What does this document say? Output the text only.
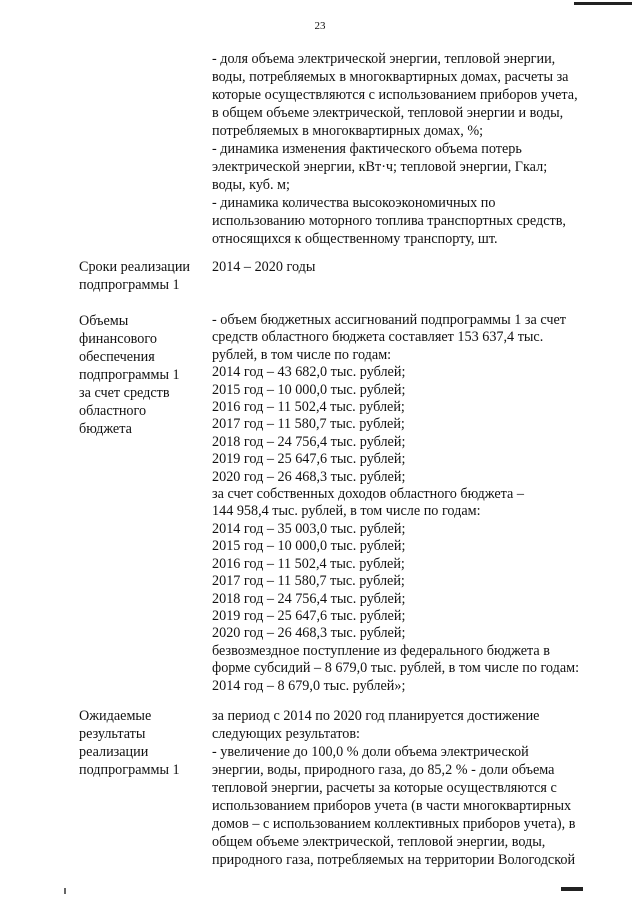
23
- доля объема электрической энергии, тепловой энергии,
воды, потребляемых в многоквартирных домах, расчеты за
которые осуществляются с использованием приборов учета,
в общем объеме электрической, тепловой энергии и воды,
потребляемых в многоквартирных домах, %;
- динамика изменения фактического объема потерь
электрической энергии, кВт·ч; тепловой энергии, Гкал;
воды, куб. м;
- динамика количества высокоэкономичных по
использованию моторного топлива транспортных средств,
относящихся к общественному транспорту, шт.
Сроки реализации
подпрограммы 1
2014 – 2020 годы
Объемы
финансового
обеспечения
подпрограммы 1
за счет средств
областного
бюджета
- объем бюджетных ассигнований подпрограммы 1 за счет
средств областного бюджета составляет 153 637,4 тыс.
рублей, в том числе по годам:
2014 год – 43 682,0 тыс. рублей;
2015 год – 10 000,0 тыс. рублей;
2016 год – 11 502,4 тыс. рублей;
2017 год – 11 580,7 тыс. рублей;
2018 год – 24 756,4 тыс. рублей;
2019 год – 25 647,6 тыс. рублей;
2020 год – 26 468,3 тыс. рублей;
за счет собственных доходов областного бюджета –
144 958,4 тыс. рублей, в том числе по годам:
2014 год – 35 003,0 тыс. рублей;
2015 год – 10 000,0 тыс. рублей;
2016 год – 11 502,4 тыс. рублей;
2017 год – 11 580,7 тыс. рублей;
2018 год – 24 756,4 тыс. рублей;
2019 год – 25 647,6 тыс. рублей;
2020 год – 26 468,3 тыс. рублей;
безвозмездное поступление из федерального бюджета в
форме субсидий – 8 679,0 тыс. рублей, в том числе по годам:
2014 год – 8 679,0 тыс. рублей»;
Ожидаемые
результаты
реализации
подпрограммы 1
за период с 2014 по 2020 год планируется достижение
следующих результатов:
- увеличение до 100,0 % доли объема электрической
энергии, воды, природного газа, до 85,2 % - доли объема
тепловой энергии, расчеты за которые осуществляются с
использованием приборов учета (в части многоквартирных
домов – с использованием коллективных приборов учета), в
общем объеме электрической, тепловой энергии, воды,
природного газа, потребляемых на территории Вологодской
